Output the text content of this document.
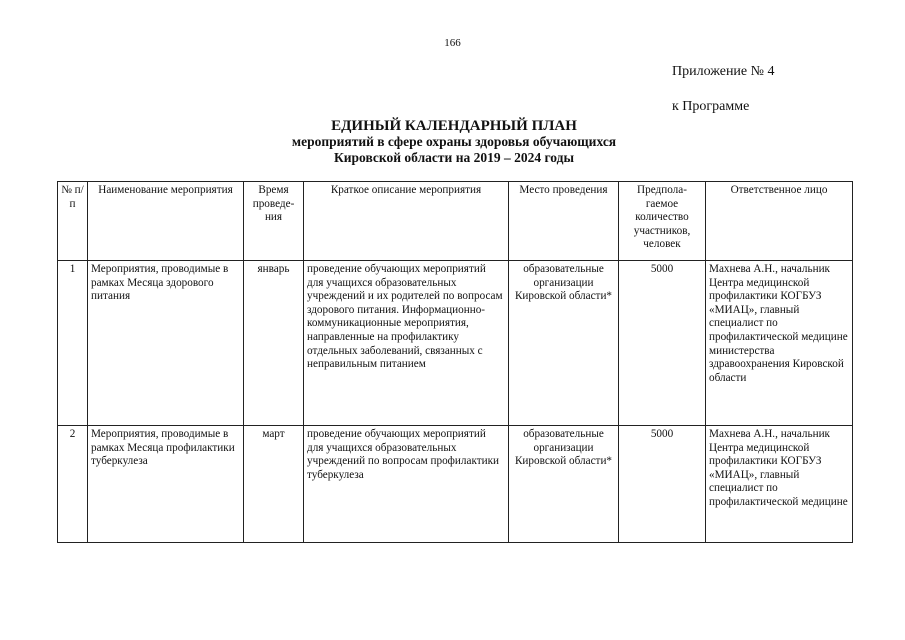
166
Приложение № 4
к Программе
ЕДИНЫЙ КАЛЕНДАРНЫЙ ПЛАН
мероприятий в сфере охраны здоровья обучающихся
Кировской области на 2019 – 2024 годы
№ п/п	Наименование мероприятия	Время проведе-ния	Краткое описание мероприятия	Место проведения	Предпола-гаемое количество участников, человек	Ответственное лицо
1	Мероприятия, проводимые в рамках Месяца здорового питания	январь	проведение обучающих мероприятий для учащихся образовательных учреждений и их родителей по вопросам здорового питания. Информационно-коммуникационные мероприятия, направленные на профилактику отдельных заболеваний, связанных с неправильным питанием	образовательные организации Кировской области*	5000	Махнева А.Н., начальник Центра медицинской профилактики КОГБУЗ «МИАЦ», главный специалист по профилактической медицине министерства здравоохранения Кировской области
2	Мероприятия, проводимые в рамках Месяца профилактики туберкулеза	март	проведение обучающих мероприятий для учащихся образовательных учреждений по вопросам профилактики туберкулеза	образовательные организации Кировской области*	5000	Махнева А.Н., начальник Центра медицинской профилактики КОГБУЗ «МИАЦ», главный специалист по профилактической медицине
